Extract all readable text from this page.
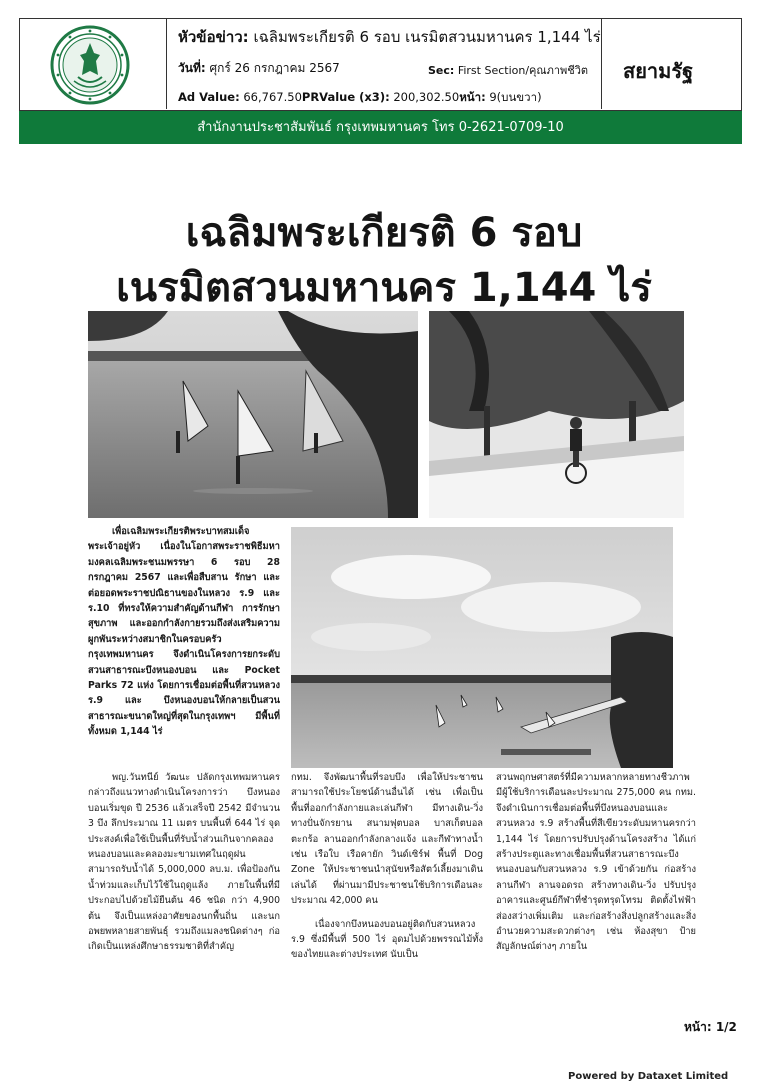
หัวข้อข่าว: เฉลิมพระเกียรติ 6 รอบ เนรมิตสวนมหานคร 1,144 ไร่
วันที่: ศุกร์ 26 กรกฎาคม 2567	Sec: First Section/คุณภาพชีวิต
Ad Value: 66,767.50PRValue (x3): 200,302.50หน้า: 9(บนขวา)
สยามรัฐ
สำนักงานประชาสัมพันธ์ กรุงเทพมหานคร โทร 0-2621-0709-10
เฉลิมพระเกียรติ 6 รอบ
เนรมิตสวนมหานคร 1,144 ไร่

เพื่อเฉลิมพระเกียรติพระบาทสมเด็จพระเจ้าอยู่หัว เนื่องในโอกาสพระราชพิธีมหามงคลเฉลิมพระชนมพรรษา 6 รอบ 28 กรกฎาคม 2567 และเพื่อสืบสาน รักษา และต่อยอดพระราชปณิธานของในหลวง ร.9 และ ร.10 ที่ทรงให้ความสำคัญด้านกีฬา การรักษาสุขภาพ และออกกำลังกายรวมถึงส่งเสริมความผูกพันระหว่างสมาชิกในครอบครัว กรุงเทพมหานคร จึงดำเนินโครงการยกระดับสวนสาธารณะบึงหนองบอน และ Pocket Parks 72 แห่ง โดยการเชื่อมต่อพื้นที่สวนหลวง ร.9 และ บึงหนองบอนให้กลายเป็นสวนสาธารณะขนาดใหญ่ที่สุดในกรุงเทพฯ มีพื้นที่ทั้งหมด 1,144 ไร่

พญ.วันทนีย์ วัฒนะ ปลัดกรุงเทพมหานคร กล่าวถึงแนวทางดำเนินโครงการว่า บึงหนองบอนเริ่มขุด ปี 2536 แล้วเสร็จปี 2542 มีจำนวน 3 บึง ลึกประมาณ 11 เมตร บนพื้นที่ 644 ไร่ จุดประสงค์เพื่อใช้เป็นพื้นที่รับน้ำส่วนเกินจากคลองหนองบอนและคลองมะขามเทศในฤดูฝน สามารถรับน้ำได้ 5,000,000 ลบ.ม. เพื่อป้องกันน้ำท่วมและเก็บไว้ใช้ในฤดูแล้ง ภายในพื้นที่มีประกอบไปด้วยไม้ยืนต้น 46 ชนิด กว่า 4,900 ต้น จึงเป็นแหล่งอาศัยของนกพื้นถิ่น และนกอพยพหลายสายพันธุ์ รวมถึงแมลงชนิดต่างๆ ก่อเกิดเป็นแหล่งศึกษาธรรมชาติที่สำคัญ

กทม. จึงพัฒนาพื้นที่รอบบึง เพื่อให้ประชาชนสามารถใช้ประโยชน์ด้านอื่นได้ เช่น เพื่อเป็นพื้นที่ออกกำลังกายและเล่นกีฬา มีทางเดิน-วิ่ง ทางปั่นจักรยาน สนามฟุตบอล บาสเก็ตบอล ตะกร้อ ลานออกกำลังกลางแจ้ง และกีฬาทางน้ำ เช่น เรือใบ เรือคายัก วินด์เซิร์ฟ พื้นที่ Dog Zone ให้ประชาชนนำสุนัขหรือสัตว์เลี้ยงมาเดินเล่นได้ ที่ผ่านมามีประชาชนใช้บริการเดือนละประมาณ 42,000 คน

เนื่องจากบึงหนองบอนอยู่ติดกับสวนหลวง ร.9 ซึ่งมีพื้นที่ 500 ไร่ อุดมไปด้วยพรรณไม้ทั้งของไทยและต่างประเทศ นับเป็น

สวนพฤกษศาสตร์ที่มีความหลากหลายทางชีวภาพ มีผู้ใช้บริการเดือนละประมาณ 275,000 คน กทม. จึงดำเนินการเชื่อมต่อพื้นที่บึงหนองบอนและสวนหลวง ร.9 สร้างพื้นที่สีเขียวระดับมหานครกว่า 1,144 ไร่ โดยการปรับปรุงด้านโครงสร้าง ได้แก่ สร้างประตูและทางเชื่อมพื้นที่สวนสาธารณะบึงหนองบอนกับสวนหลวง ร.9 เข้าด้วยกัน ก่อสร้างลานกีฬา ลานจอดรถ สร้างทางเดิน-วิ่ง ปรับปรุงอาคารและศูนย์กีฬาที่ชำรุดทรุดโทรม ติดตั้งไฟฟ้าส่องสว่างเพิ่มเติม และก่อสร้างสิ่งปลูกสร้างและสิ่งอำนวยความสะดวกต่างๆ เช่น ห้องสุขา ป้ายสัญลักษณ์ต่างๆ ภายใน

หน้า: 1/2
Powered by Dataxet Limited
